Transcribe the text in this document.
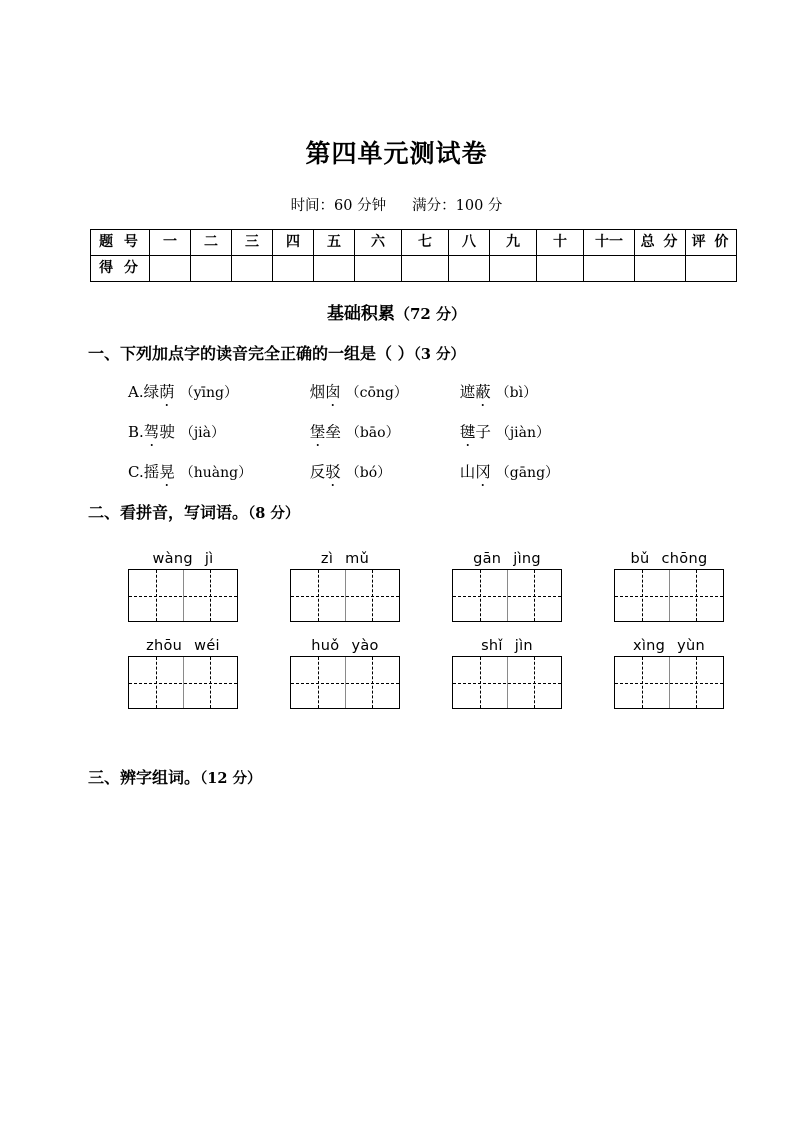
第四单元测试卷
时间：60 分钟 满分：100 分
题 号	一	二	三	四	五	六	七	八	九	十	十一	总 分	评 价
得 分													
基础积累（72 分）
一、下列加点字的读音完全正确的一组是（ ）（3 分）
A.绿荫 （yīng）	烟囱 （cōng）	遮蔽 （bì）
B.驾驶 （jià）	堡垒 （bāo）	毽子 （jiàn）
C.摇晃 （huàng）	反驳 （bó）	山冈 （gāng）
二、看拼音，写词语。（8 分）
wàng jì	zì mǔ	gān jìng	bǔ chōng
zhōu wéi	huǒ yào	shǐ jìn	xìng yùn
三、辨字组词。（12 分）
